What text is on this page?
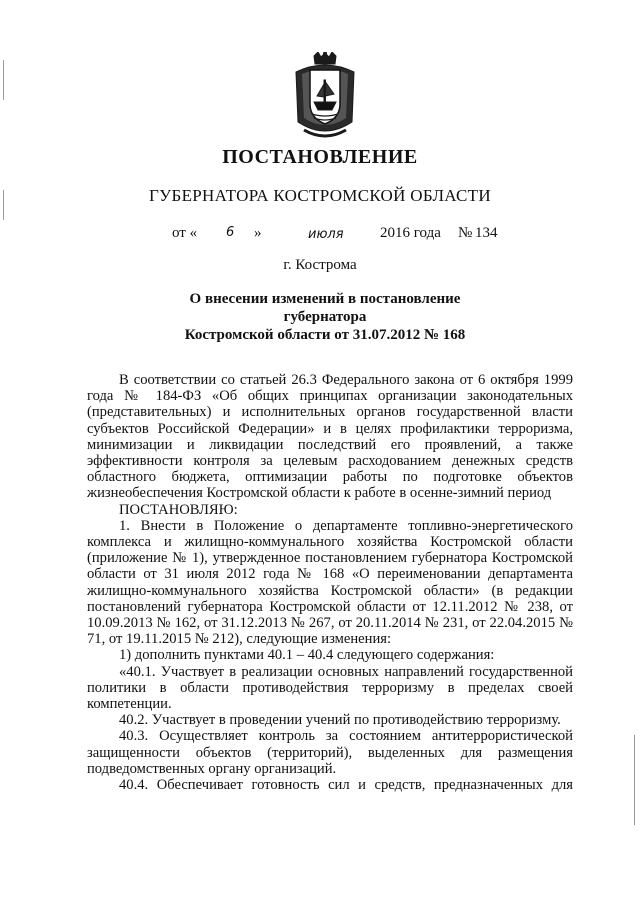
ПОСТАНОВЛЕНИЕ
ГУБЕРНАТОРА КОСТРОМСКОЙ ОБЛАСТИ
от « 6 »	июля 2016 года № 134
г. Кострома
О внесении изменений в постановление губернатора
Костромской области от 31.07.2012 № 168

В соответствии со статьей 26.3 Федерального закона от 6 октября 1999 года № 184-ФЗ «Об общих принципах организации законодательных (представительных) и исполнительных органов государственной власти субъектов Российской Федерации» и в целях профилактики терроризма, минимизации и ликвидации последствий его проявлений, а также эффективности контроля за целевым расходованием денежных средств областного бюджета, оптимизации работы по подготовке объектов жизнеобеспечения Костромской области к работе в осенне-зимний период

ПОСТАНОВЛЯЮ:

1. Внести в Положение о департаменте топливно-энергетического комплекса и жилищно-коммунального хозяйства Костромской области (приложение № 1), утвержденное постановлением губернатора Костромской области от 31 июля 2012 года № 168 «О переименовании департамента жилищно-коммунального хозяйства Костромской области» (в редакции постановлений губернатора Костромской области от 12.11.2012 № 238, от 10.09.2013 № 162, от 31.12.2013 № 267, от 20.11.2014 № 231, от 22.04.2015 № 71, от 19.11.2015 № 212), следующие изменения:

1) дополнить пунктами 40.1 – 40.4 следующего содержания:

«40.1. Участвует в реализации основных направлений государственной политики в области противодействия терроризму в пределах своей компетенции.

40.2. Участвует в проведении учений по противодействию терроризму.

40.3. Осуществляет контроль за состоянием антитеррористической защищенности объектов (территорий), выделенных для размещения подведомственных органу организаций.

40.4. Обеспечивает готовность сил и средств, предназначенных для
